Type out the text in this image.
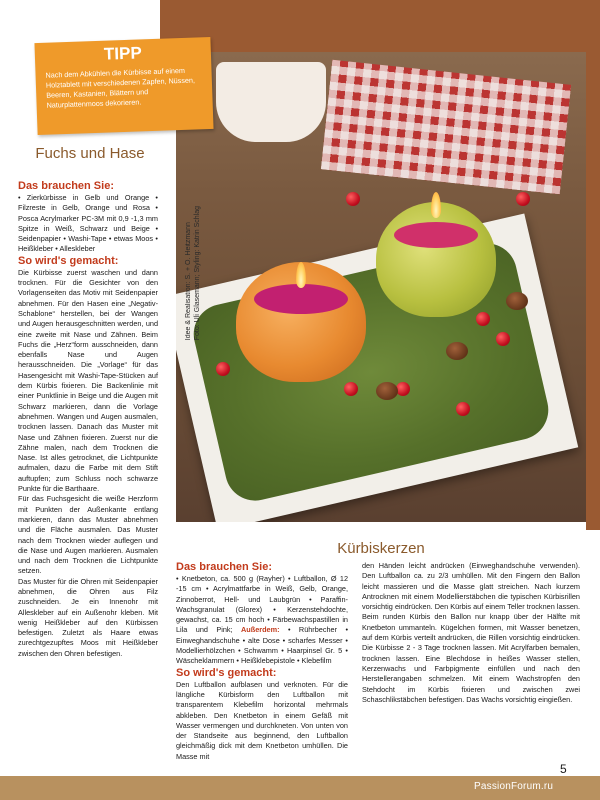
Idee & Realisation: S. + O. Heitzmann Foto: Uli Glasemann; Styling: Katrin Schlag
TIPP
Nach dem Abkühlen die Kürbisse auf einem Holztablett mit verschiedenen Zapfen, Nüssen, Beeren, Kastanien, Blättern und Naturplattenmoos dekorieren.
Fuchs und Hase
Das brauchen Sie:

• Zierkürbisse in Gelb und Orange • Filzreste in Gelb, Orange und Rosa • Posca Acrylmarker PC-3M mit 0,9 -1,3 mm Spitze in Weiß, Schwarz und Beige • Seidenpapier • Washi-Tape • etwas Moos • Heißkleber • Alleskleber

So wird's gemacht:

Die Kürbisse zuerst waschen und dann trocknen. Für die Gesichter von den Vorlagenseiten das Motiv mit Seidenpapier abnehmen. Für den Hasen eine „Negativ-Schablone“ herstellen, bei der Wangen und Augen herausgeschnitten werden, und eine zweite mit Nase und Zähnen. Beim Fuchs die „Herz“form ausschneiden, dann ebenfalls Nase und Augen herausschneiden. Die „Vorlage“ für das Hasengesicht mit Washi-Tape-Stücken auf dem Kürbis fixieren. Die Backenlinie mit einer Punktlinie in Beige und die Augen mit Schwarz markieren, dann die Vorlage abnehmen. Wangen und Augen ausmalen, trocknen lassen. Danach das Muster mit Nase und Zähnen fixieren. Zuerst nur die Zähne malen, nach dem Trocknen die Nase. Ist alles getrocknet, die Lichtpunkte aufmalen, dazu die Farbe mit dem Stift auftupfen; zum Schluss noch schwarze Punkte für die Barthaare.

Für das Fuchsgesicht die weiße Herzform mit Punkten der Außenkante entlang markieren, dann das Muster abnehmen und die Fläche ausmalen. Das Muster nach dem Trocknen wieder auflegen und die Nase und Augen markieren. Ausmalen und nach dem Trocknen die Lichtpunkte setzen.

Das Muster für die Ohren mit Seidenpapier abnehmen, die Ohren aus Filz zuschneiden. Je ein Innenohr mit Alleskleber auf ein Außenohr kleben. Mit wenig Heißkleber auf den Kürbissen befestigen. Zuletzt als Haare etwas zurechtgezupftes Moos mit Heißkleber zwischen den Ohren befestigen.

Kürbiskerzen
Das brauchen Sie:

• Knetbeton, ca. 500 g (Rayher) • Luftballon, Ø 12 -15 cm • Acrylmattfarbe in Weiß, Gelb, Orange, Zinnoberrot, Hell- und Laubgrün • Paraffin-Wachsgranulat (Glorex) • Kerzenstehdochte, gewachst, ca. 15 cm hoch • Färbewachspastillen in Lila und Pink; Außerdem: • Rührbecher • Einweghandschuhe • alte Dose • scharfes Messer • Modellierhölzchen • Schwamm • Haarpinsel Gr. 5 • Wäscheklammern • Heißklebepistole • Klebefilm

So wird's gemacht:

Den Luftballon aufblasen und verknoten. Für die längliche Kürbisform den Luftballon mit transparentem Klebefilm horizontal mehrmals abkleben. Den Knetbeton in einem Gefäß mit Wasser vermengen und durchkneten. Von unten von der Standseite aus beginnend, den Luftballon gleichmäßig dick mit dem Knetbeton umhüllen. Die Masse mit

den Händen leicht andrücken (Einweghandschuhe verwenden). Den Luftballon ca. zu 2/3 umhüllen. Mit den Fingern den Ballon leicht massieren und die Masse glatt streichen. Nach kurzem Antrocknen mit einem Modellierstäbchen die typischen Kürbisrillen vorsichtig eindrücken. Den Kürbis auf einem Teller trocknen lassen. Beim runden Kürbis den Ballon nur knapp über der Hälfte mit Knetbeton ummanteln. Kügelchen formen, mit Wasser benetzen, auf dem Kürbis verteilt andrücken, die Rillen vorsichtig eindrücken. Die Kürbisse 2 - 3 Tage trocknen lassen. Mit Acrylfarben bemalen, trocknen lassen. Eine Blechdose in heißes Wasser stellen, Kerzenwachs und Farbpigmente einfüllen und nach den Herstellerangaben schmelzen. Mit einem Wachstropfen den Stehdocht im Kürbis fixieren und zwischen zwei Schaschlikstäbchen befestigen. Das Wachs vorsichtig eingießen.

5
PassionForum.ru
